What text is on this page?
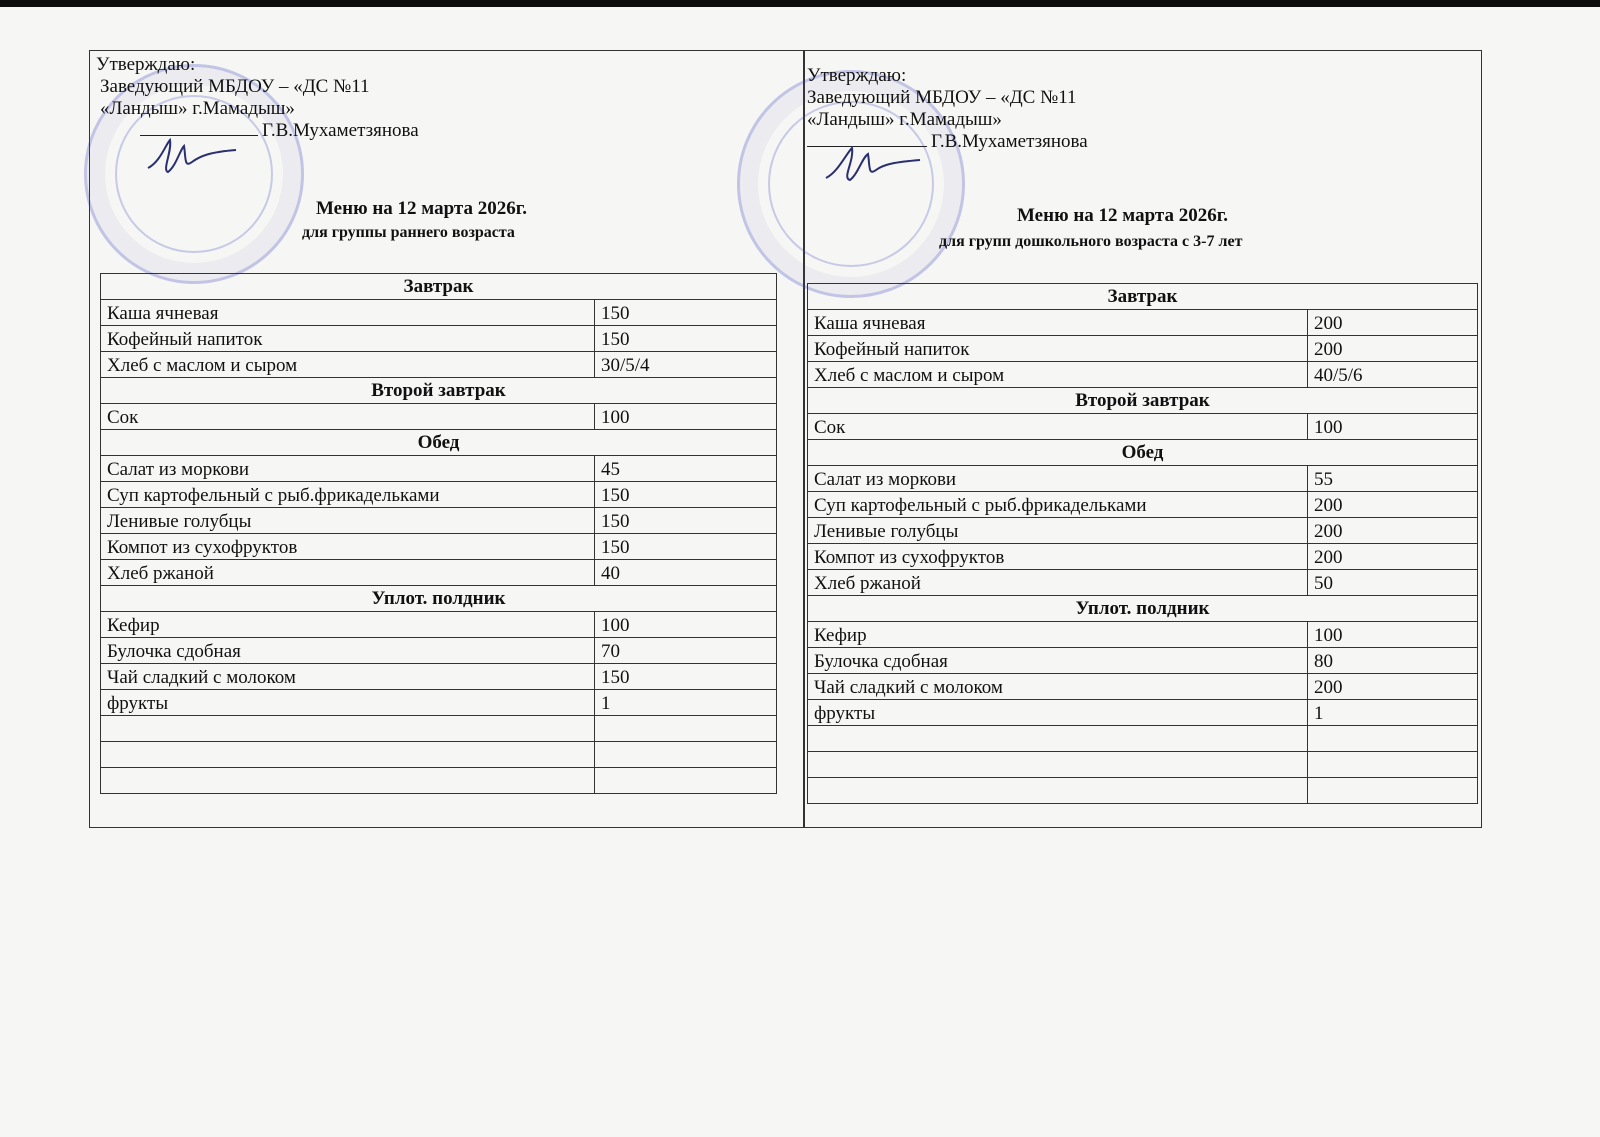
Утверждаю:
Заведующий МБДОУ – «ДС №11
«Ландыш» г.Мамадыш»
Г.В.Мухаметзянова
Меню на 12 марта 2026г.
для группы раннего возраста
Завтрак	
Каша ячневая	150
Кофейный напиток	150
Хлеб с маслом и сыром	30/5/4
Второй завтрак	
Сок	100
Обед	
Салат из моркови	45
Суп картофельный с рыб.фрикадельками	150
Ленивые голубцы	150
Компот из сухофруктов	150
Хлеб ржаной	40
Уплот. полдник	
Кефир	100
Булочка сдобная	70
Чай сладкий с молоком	150
фрукты	1

Утверждаю:
Заведующий МБДОУ – «ДС №11
«Ландыш» г.Мамадыш»
Г.В.Мухаметзянова
Меню на 12 марта 2026г.
для групп дошкольного возраста с 3-7 лет
Завтрак	
Каша ячневая	200
Кофейный напиток	200
Хлеб с маслом и сыром	40/5/6
Второй завтрак	
Сок	100
Обед	
Салат из моркови	55
Суп картофельный с рыб.фрикадельками	200
Ленивые голубцы	200
Компот из сухофруктов	200
Хлеб ржаной	50
Уплот. полдник	
Кефир	100
Булочка сдобная	80
Чай сладкий с молоком	200
фрукты	1
